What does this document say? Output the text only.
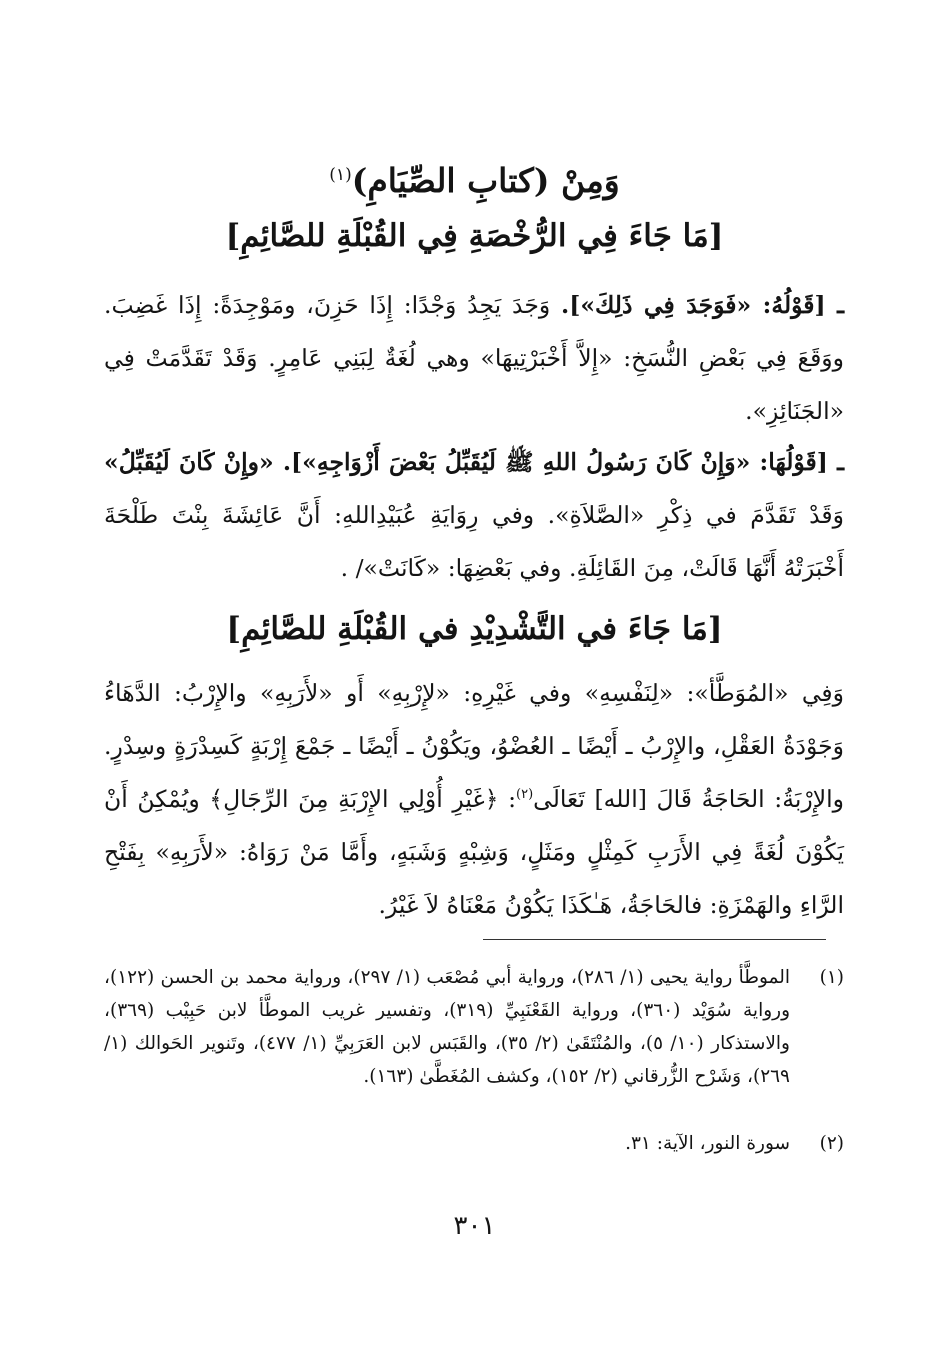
وَمِنْ (كتابِ الصِّيَامِ)$^{(١)}$
[مَا جَاءَ فِي الرُّخْصَةِ فِي القُبْلَةِ للصَّائِمِ]
ـ [قَوْلُهُ: «فَوَجَدَ فِي ذَلِكَ»]. وَجَدَ يَجِدُ وَجْدًا: إِذَا حَزِنَ، ومَوْجِدَةً: إِذَا غَضِبَ. ووَقَعَ فِي بَعْضِ النُّسَخِ: «إِلاَّ أَخْبَرْتِيهَا» وهي لُغَةٌ لِبَنِي عَامِرٍ. وَقَدْ تَقَدَّمَتْ فِي «الجَنَائِزِ».
ـ [قَوْلُهَا: «وَإِنْ كَانَ رَسُولُ اللهِ ﷺ لَيُقَبِّلُ بَعْضَ أَزْوَاجِهِ»]. «وإِنْ كَانَ لَيُقَبِّلُ» وَقَدْ تَقَدَّمَ في ذِكْرِ «الصَّلاَةِ». وفي رِوَايَةِ عُبَيْدِاللهِ: أَنَّ عَائِشَةَ بِنْتَ طَلْحَةَ أَخْبَرَتْهُ أَنَّهَا قَالَتْ، مِنَ القَائِلَةِ. وفي بَعْضِهَا: «كَانَتْ»/ .
[مَا جَاءَ في التَّشْدِيْدِ في القُبْلَةِ للصَّائِمِ]
وَفِي «المُوَطَّأ»: «لِنَفْسِهِ» وفي غَيْرِهِ: «لإِرْبِهِ» أَو «لأَرَبِهِ» والإِرْبُ: الدَّهَاءُ وَجَوْدَةُ العَقْلِ، والإِرْبُ ـ أَيْضًا ـ العُضْوُ، ويَكُوْنُ ـ أَيْضًا ـ جَمْعَ إِرْبَةٍ كَسِدْرَةٍ وسِدْرٍ. والإِرْبَةُ: الحَاجَةُ قَالَ [الله] تَعَالَى$^{(٢)}$: ﴿غَيْرِ أُوْلِي الإِرْبَةِ مِنَ الرِّجَالِ﴾ ويُمْكِنُ أَنْ يَكُوْنَ لُغَةً فِي الأَرَبِ كَمِثْلٍ ومَثَلٍ، وَشِبْهٍ وَشَبَهٍ، وأَمَّا مَنْ رَوَاهُ: «لأَرَبِهِ» بِفَتْحِ الرَّاءِ والهَمْزَةِ: فالحَاجَةُ، هَـٰكَذَا يَكُوْنُ مَعْنَاهُ لاَ غَيْرُ.
(١)
الموطَّأ رواية يحيى (١/ ٢٨٦)، ورواية أبي مُصْعَب (١/ ٢٩٧)، ورواية محمد بن الحسن (١٢٢)، ورواية سُوَيْد (٣٦٠)، ورواية القَعْنَبِيِّ (٣١٩)، وتفسير غريب الموطَّأ لابن حَبِيْب (٣٦٩)، والاستذكار (١٠/ ٥)، والمُنْتَقَىٰ (٢/ ٣٥)، والقَبَس لابن العَرَبِيِّ (١/ ٤٧٧)، وتَنوير الحَوالك (١/ ٢٦٩)، وَشَرْح الزُّرقاني (٢/ ١٥٢)، وكشف المُغَطَّىٰ (١٦٣).
(٢)
سورة النور، الآية: ٣١.
٣٠١
